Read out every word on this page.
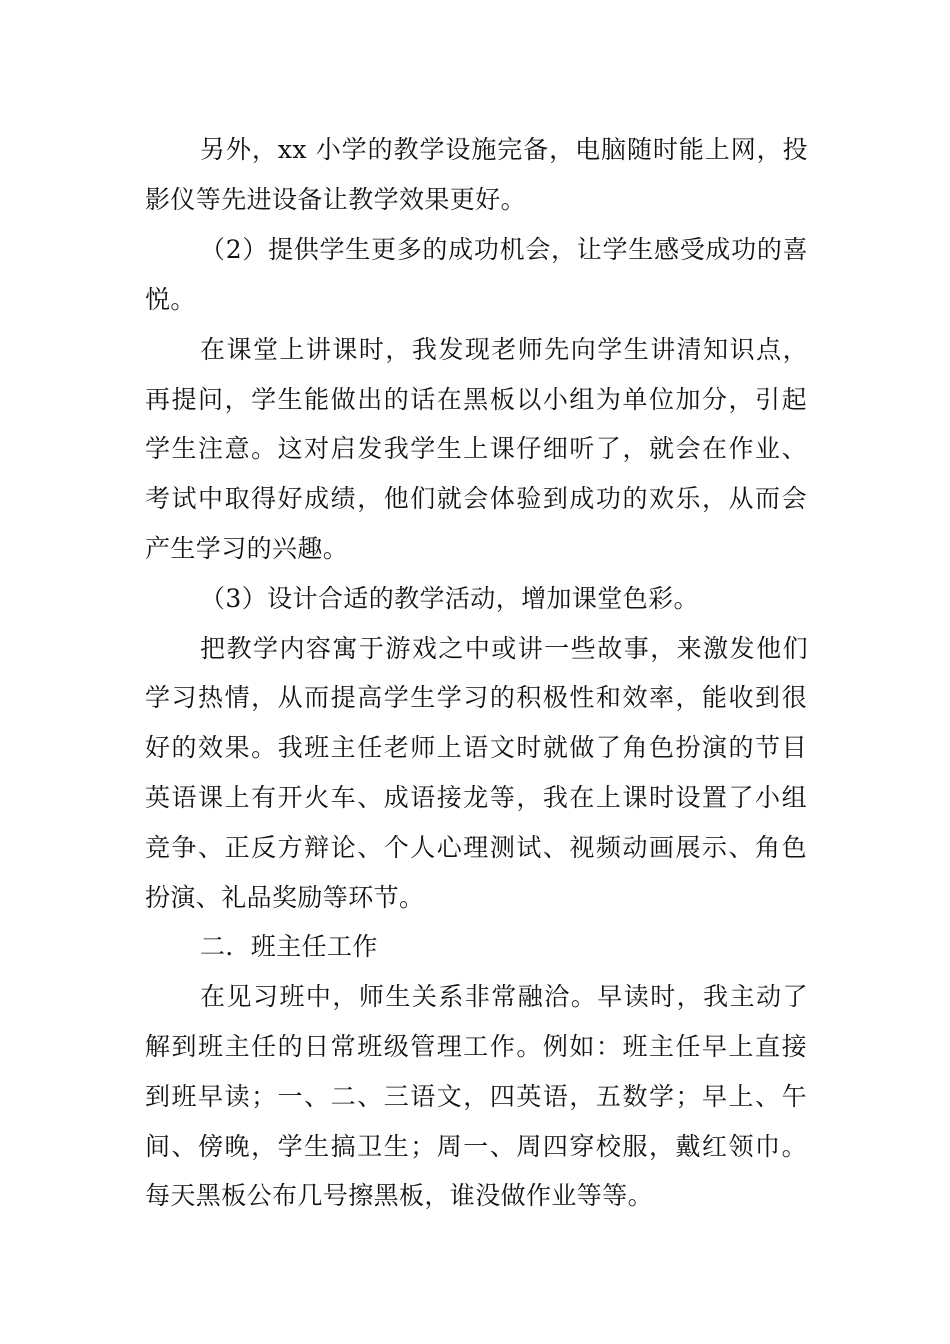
另外，xx 小学的教学设施完备，电脑随时能上网，投
影仪等先进设备让教学效果更好。
（2）提供学生更多的成功机会，让学生感受成功的喜
悦。
在课堂上讲课时，我发现老师先向学生讲清知识点，
再提问，学生能做出的话在黑板以小组为单位加分，引起
学生注意。这对启发我学生上课仔细听了，就会在作业、
考试中取得好成绩，他们就会体验到成功的欢乐，从而会
产生学习的兴趣。
（3）设计合适的教学活动，增加课堂色彩。
把教学内容寓于游戏之中或讲一些故事，来激发他们
学习热情，从而提高学生学习的积极性和效率，能收到很
好的效果。我班主任老师上语文时就做了角色扮演的节目
英语课上有开火车、成语接龙等，我在上课时设置了小组
竞争、正反方辩论、个人心理测试、视频动画展示、角色
扮演、礼品奖励等环节。
二．班主任工作
在见习班中，师生关系非常融洽。早读时，我主动了
解到班主任的日常班级管理工作。例如：班主任早上直接
到班早读；一、二、三语文，四英语，五数学；早上、午
间、傍晚，学生搞卫生；周一、周四穿校服，戴红领巾。
每天黑板公布几号擦黑板，谁没做作业等等。
